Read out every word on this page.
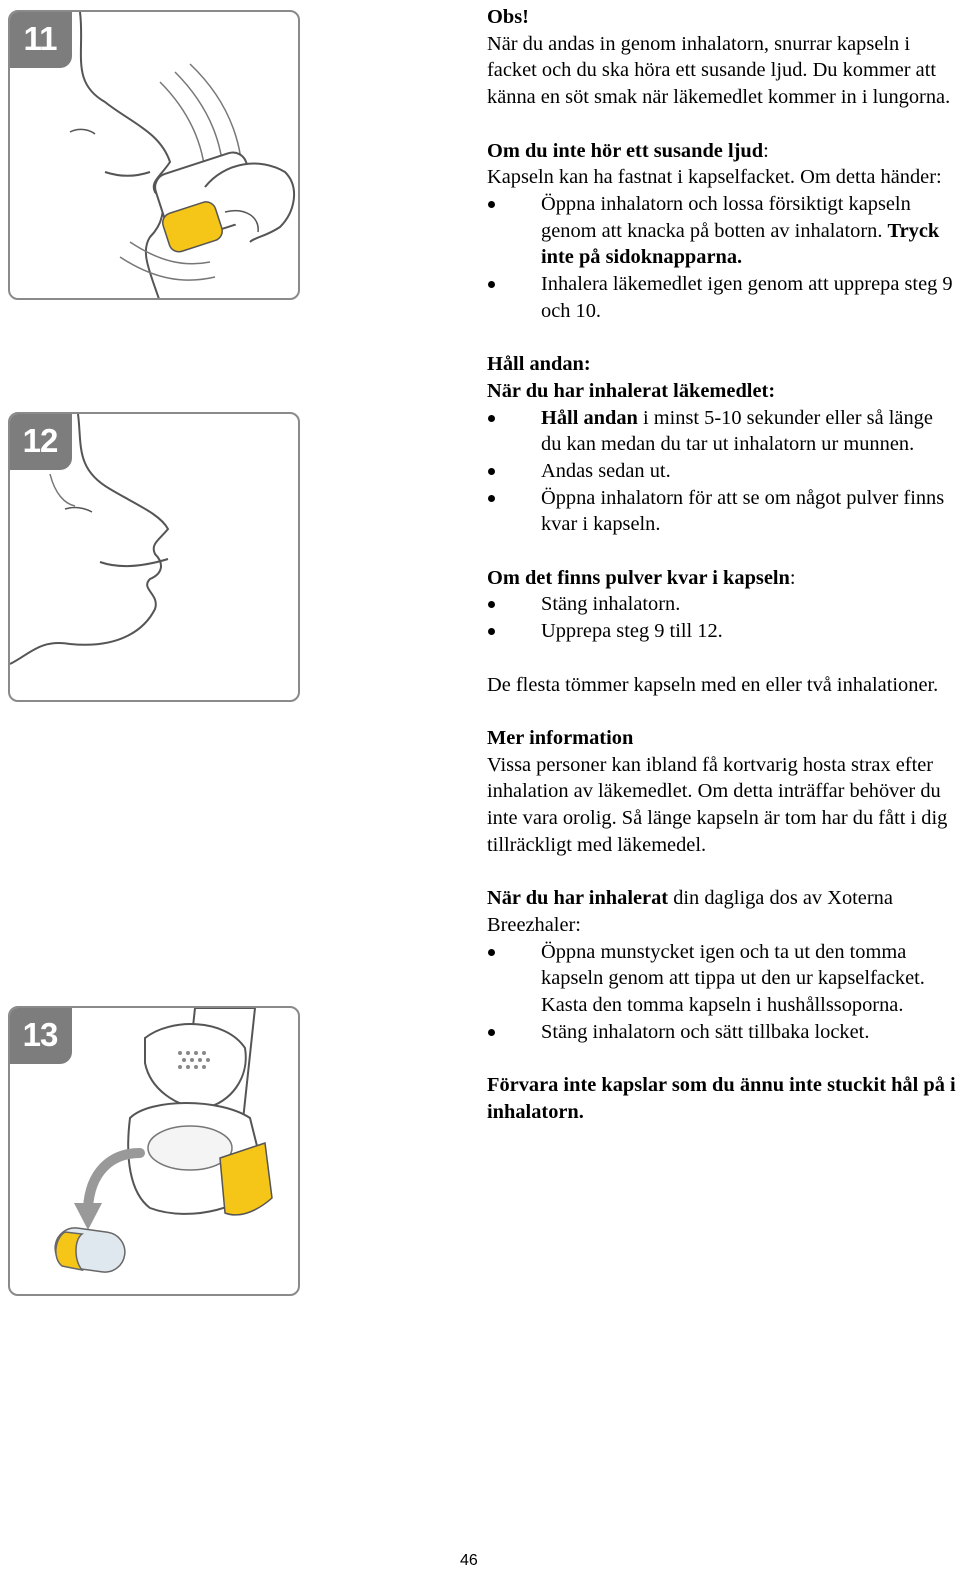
11
12
13

Obs!
När du andas in genom inhalatorn, snurrar kapseln i facket och du ska höra ett susande ljud. Du kommer att känna en söt smak när läkemedlet kommer in i lungorna.

Om du inte hör ett susande ljud:
Kapseln kan ha fastnat i kapselfacket. Om detta händer:

Öppna inhalatorn och lossa försiktigt kapseln genom att knacka på botten av inhalatorn. Tryck inte på sidoknapparna.
Inhalera läkemedlet igen genom att upprepa steg 9 och 10.

Håll andan:
När du har inhalerat läkemedlet:

Håll andan i minst 5-10 sekunder eller så länge du kan medan du tar ut inhalatorn ur munnen.
Andas sedan ut.
Öppna inhalatorn för att se om något pulver finns kvar i kapseln.

Om det finns pulver kvar i kapseln:

Stäng inhalatorn.
Upprepa steg 9 till 12.

De flesta tömmer kapseln med en eller två inhalationer.

Mer information
Vissa personer kan ibland få kortvarig hosta strax efter inhalation av läkemedlet. Om detta inträffar behöver du inte vara orolig. Så länge kapseln är tom har du fått i dig tillräckligt med läkemedel.

När du har inhalerat din dagliga dos av Xoterna Breezhaler:

Öppna munstycket igen och ta ut den tomma kapseln genom att tippa ut den ur kapselfacket. Kasta den tomma kapseln i hushållssoporna.
Stäng inhalatorn och sätt tillbaka locket.

Förvara inte kapslar som du ännu inte stuckit hål på i inhalatorn.

46
